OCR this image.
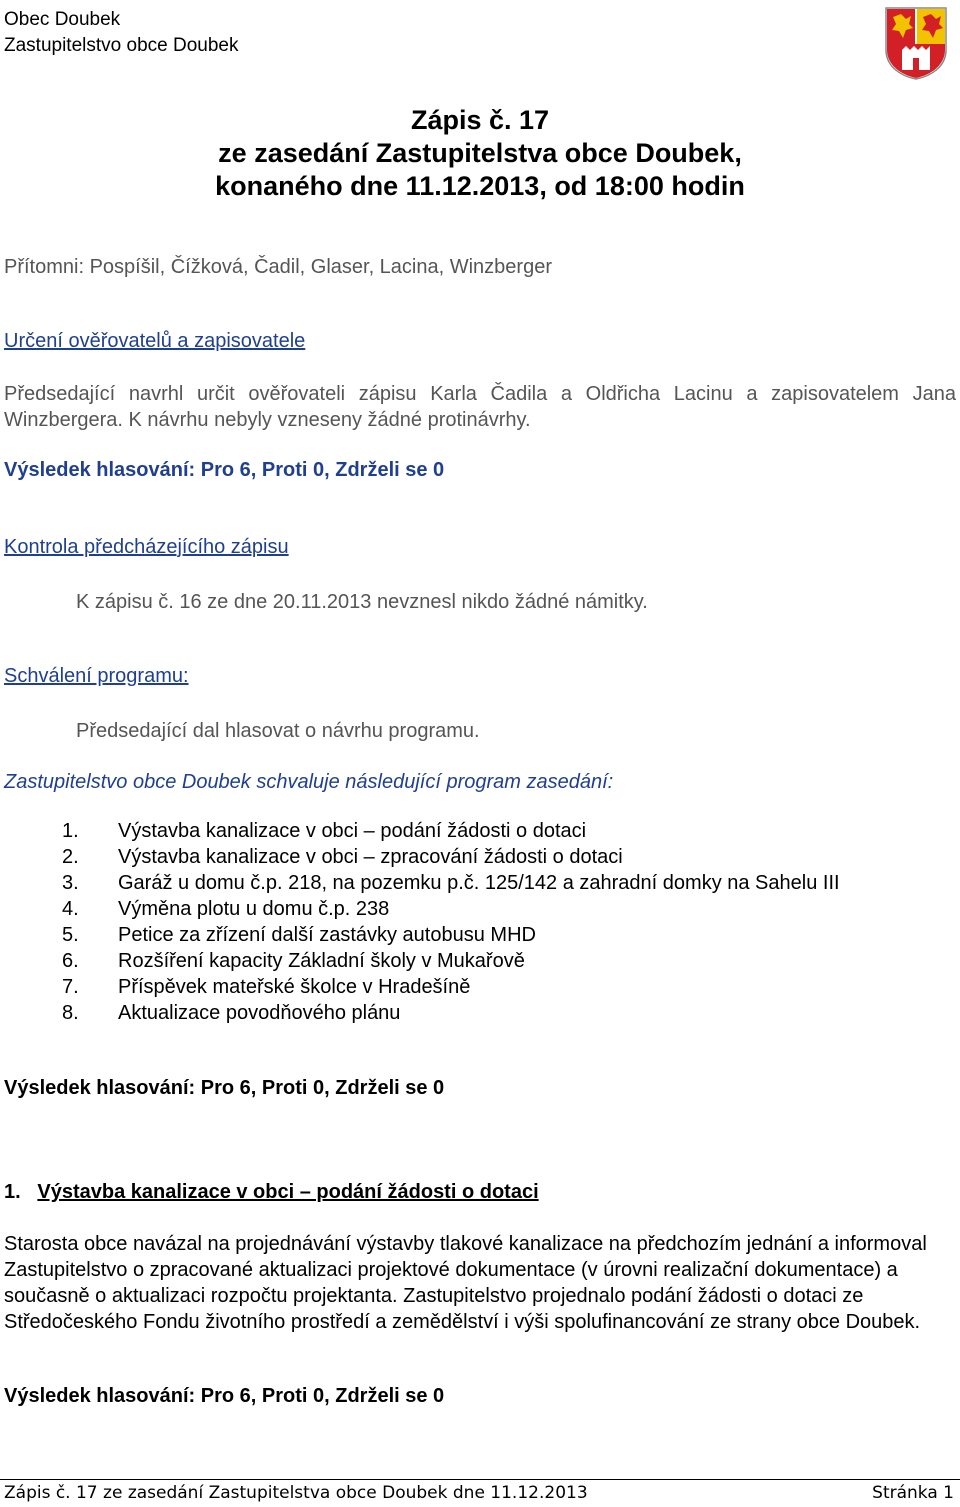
Obec Doubek
Zastupitelstvo obce Doubek
Zápis č. 17
ze zasedání Zastupitelstva obce Doubek,
konaného dne 11.12.2013, od 18:00 hodin
Přítomni: Pospíšil, Čížková, Čadil, Glaser, Lacina, Winzberger
Určení ověřovatelů a zapisovatele
Předsedající navrhl určit ověřovateli zápisu Karla Čadila a Oldřicha Lacinu a zapisovatelem Jana Winzbergera. K návrhu nebyly vzneseny žádné protinávrhy.
Výsledek hlasování: Pro 6, Proti 0, Zdrželi se 0
Kontrola předcházejícího zápisu
K zápisu č. 16 ze dne 20.11.2013 nevznesl nikdo žádné námitky.
Schválení programu:
Předsedající dal hlasovat o návrhu programu.
Zastupitelstvo obce Doubek schvaluje následující program zasedání:
1. Výstavba kanalizace v obci – podání žádosti o dotaci
2. Výstavba kanalizace v obci – zpracování žádosti o dotaci
3. Garáž u domu č.p. 218, na pozemku p.č. 125/142 a zahradní domky na Sahelu III
4. Výměna plotu u domu č.p. 238
5. Petice za zřízení další zastávky autobusu MHD
6. Rozšíření kapacity Základní školy v Mukařově
7. Příspěvek mateřské školce v Hradešíně
8. Aktualizace povodňového plánu
Výsledek hlasování: Pro 6, Proti 0, Zdrželi se 0
1. Výstavba kanalizace v obci – podání žádosti o dotaci
Starosta obce navázal na projednávání výstavby tlakové kanalizace na předchozím jednání a informoval Zastupitelstvo o zpracované aktualizaci projektové dokumentace (v úrovni realizační dokumentace) a současně o aktualizaci rozpočtu projektanta. Zastupitelstvo projednalo podání žádosti o dotaci ze Středočeského Fondu životního prostředí a zemědělství i výši spolufinancování ze strany obce Doubek.
Výsledek hlasování: Pro 6, Proti 0, Zdrželi se 0
Zápis č. 17 ze zasedání Zastupitelstva obce Doubek dne 11.12.2013	Stránka 1
